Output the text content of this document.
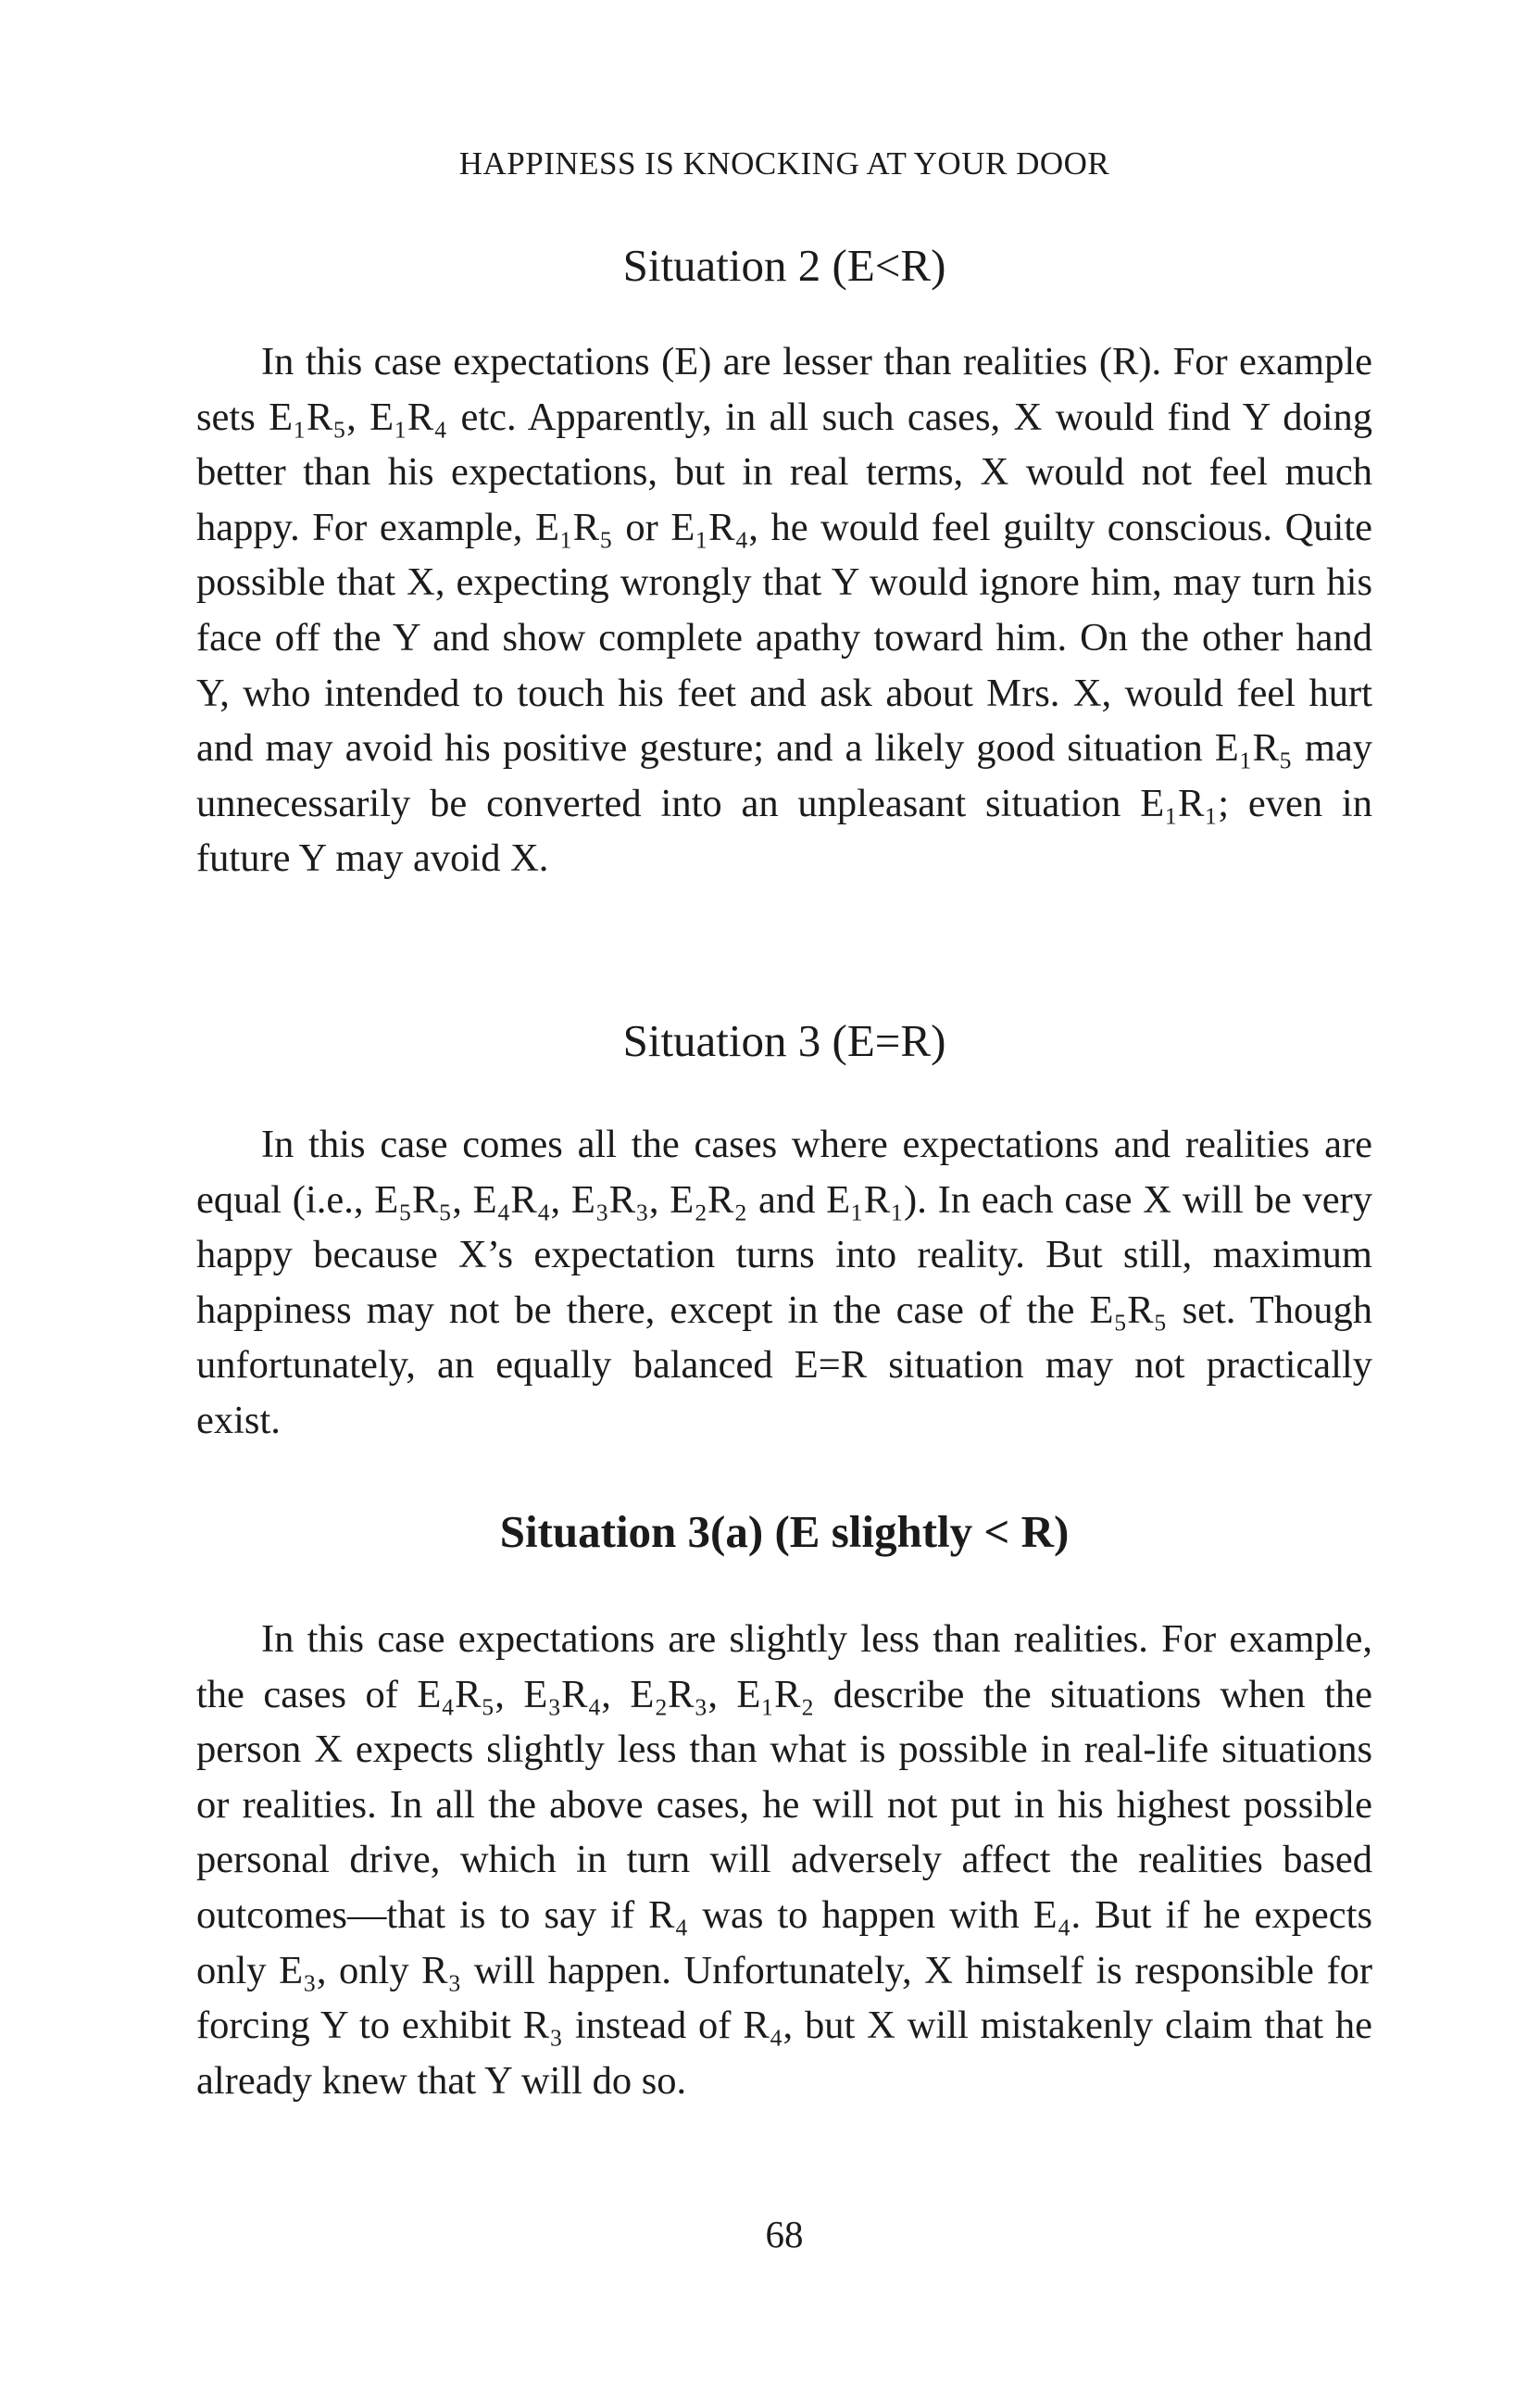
HAPPINESS IS KNOCKING AT YOUR DOOR
Situation 2 (E<R)

In this case expectations (E) are lesser than realities (R). For example sets E₁R₅, E₁R₄ etc. Apparently, in all such cases, X would find Y doing better than his expectations, but in real terms, X would not feel much happy. For example, E₁R₅ or E₁R₄, he would feel guilty conscious. Quite possible that X, expecting wrongly that Y would ignore him, may turn his face off the Y and show complete apathy toward him. On the other hand Y, who intended to touch his feet and ask about Mrs. X, would feel hurt and may avoid his positive gesture; and a likely good situation E₁R₅ may unnecessarily be converted into an unpleasant situation E₁R₁; even in future Y may avoid X.

Situation 3 (E=R)

In this case comes all the cases where expectations and realities are equal (i.e., E₅R₅, E₄R₄, E₃R₃, E₂R₂ and E₁R₁). In each case X will be very happy because X’s expectation turns into reality. But still, maximum happiness may not be there, except in the case of the E₅R₅ set. Though unfortunately, an equally balanced E=R situation may not practically exist.

Situation 3(a) (E slightly < R)

In this case expectations are slightly less than realities. For example, the cases of E₄R₅, E₃R₄, E₂R₃, E₁R₂ describe the situations when the person X expects slightly less than what is possible in real-life situations or realities. In all the above cases, he will not put in his highest possible personal drive, which in turn will adversely affect the realities based outcomes—that is to say if R₄ was to happen with E₄. But if he expects only E₃, only R₃ will happen. Unfortunately, X himself is responsible for forcing Y to exhibit R₃ instead of R₄, but X will mistakenly claim that he already knew that Y will do so.

68
